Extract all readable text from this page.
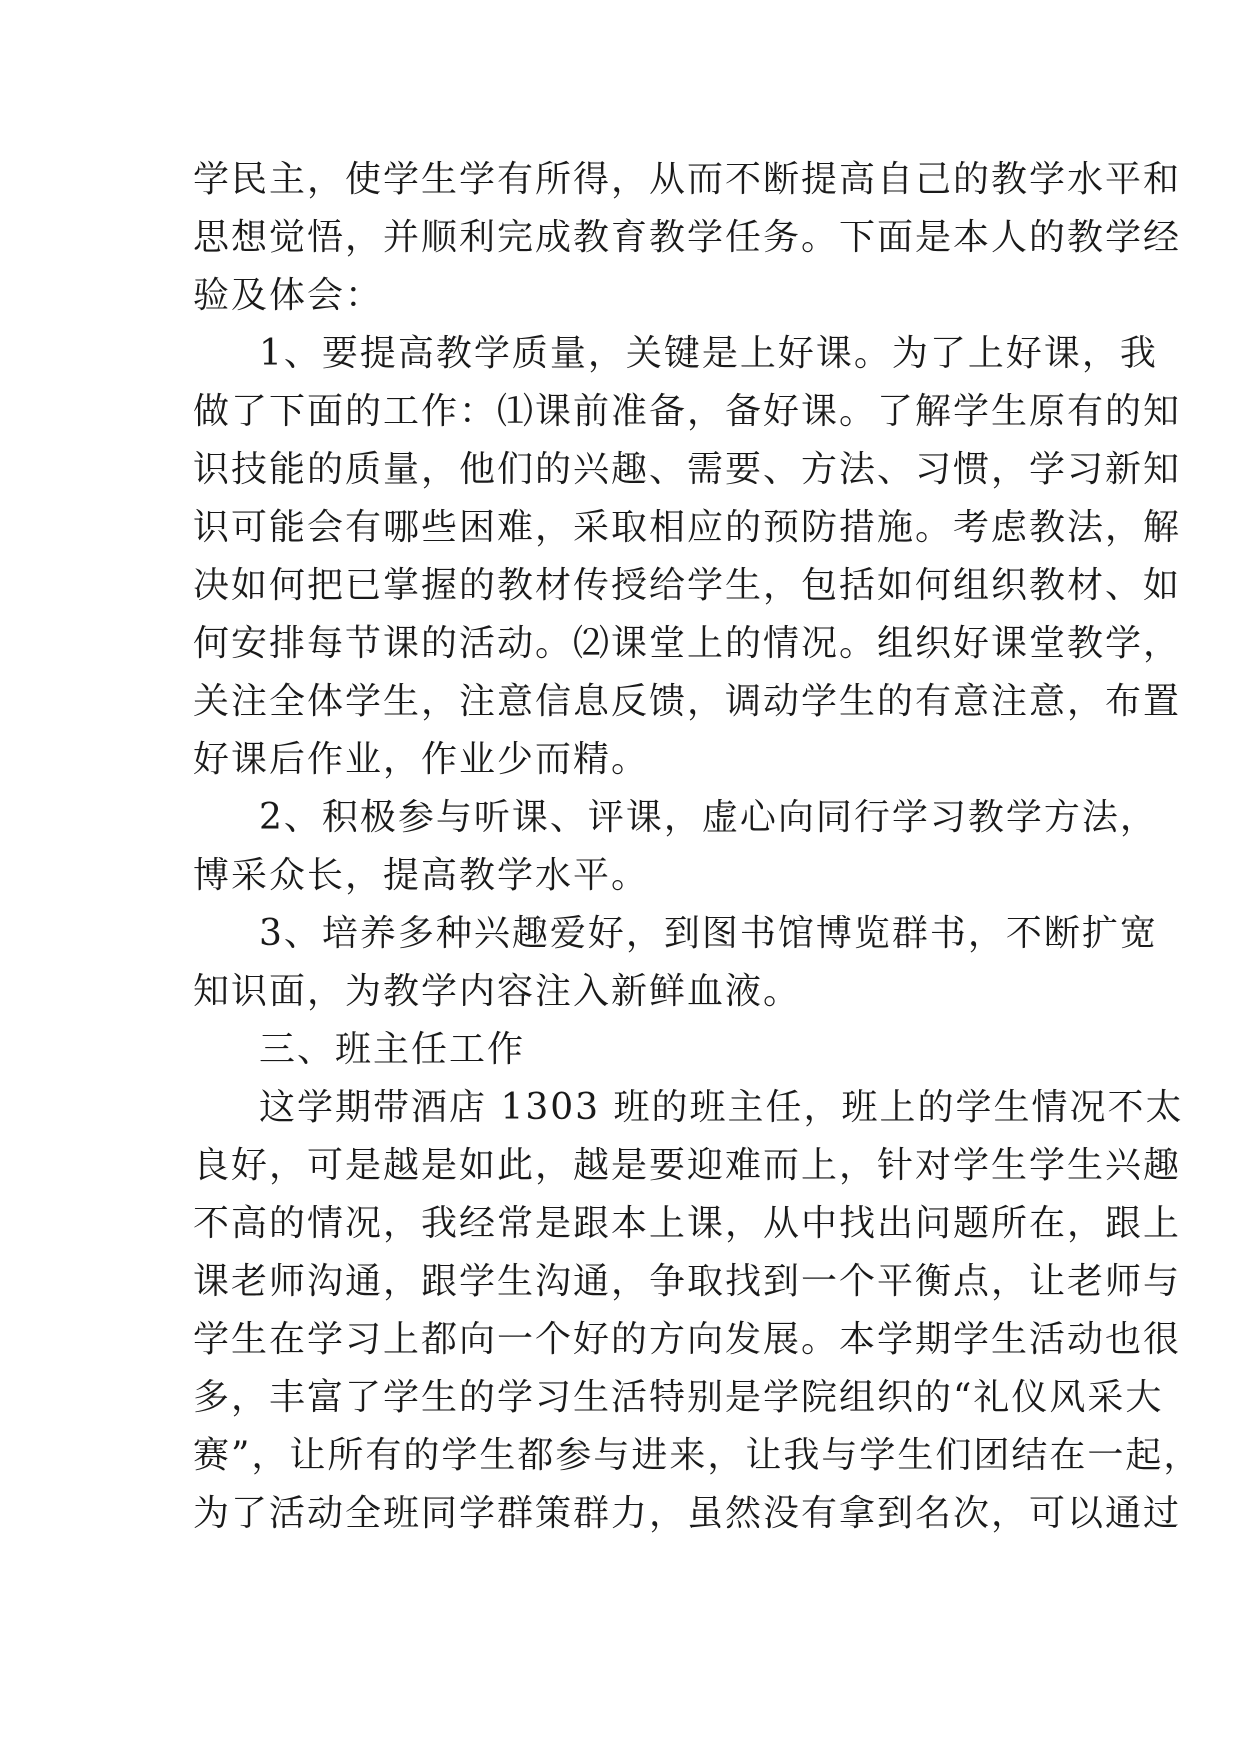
学民主，使学生学有所得，从而不断提高自己的教学水平和
思想觉悟，并顺利完成教育教学任务。下面是本人的教学经
验及体会：
1、要提高教学质量，关键是上好课。为了上好课，我
做了下面的工作：⑴课前准备，备好课。了解学生原有的知
识技能的质量，他们的兴趣、需要、方法、习惯，学习新知
识可能会有哪些困难，采取相应的预防措施。考虑教法，解
决如何把已掌握的教材传授给学生，包括如何组织教材、如
何安排每节课的活动。⑵课堂上的情况。组织好课堂教学，
关注全体学生，注意信息反馈，调动学生的有意注意，布置
好课后作业，作业少而精。
2、积极参与听课、评课，虚心向同行学习教学方法，
博采众长，提高教学水平。
3、培养多种兴趣爱好，到图书馆博览群书，不断扩宽
知识面，为教学内容注入新鲜血液。
三、班主任工作
这学期带酒店 1303 班的班主任，班上的学生情况不太
良好，可是越是如此，越是要迎难而上，针对学生学生兴趣
不高的情况，我经常是跟本上课，从中找出问题所在，跟上
课老师沟通，跟学生沟通，争取找到一个平衡点，让老师与
学生在学习上都向一个好的方向发展。本学期学生活动也很
多，丰富了学生的学习生活特别是学院组织的“礼仪风采大
赛”，让所有的学生都参与进来，让我与学生们团结在一起，
为了活动全班同学群策群力，虽然没有拿到名次，可以通过
